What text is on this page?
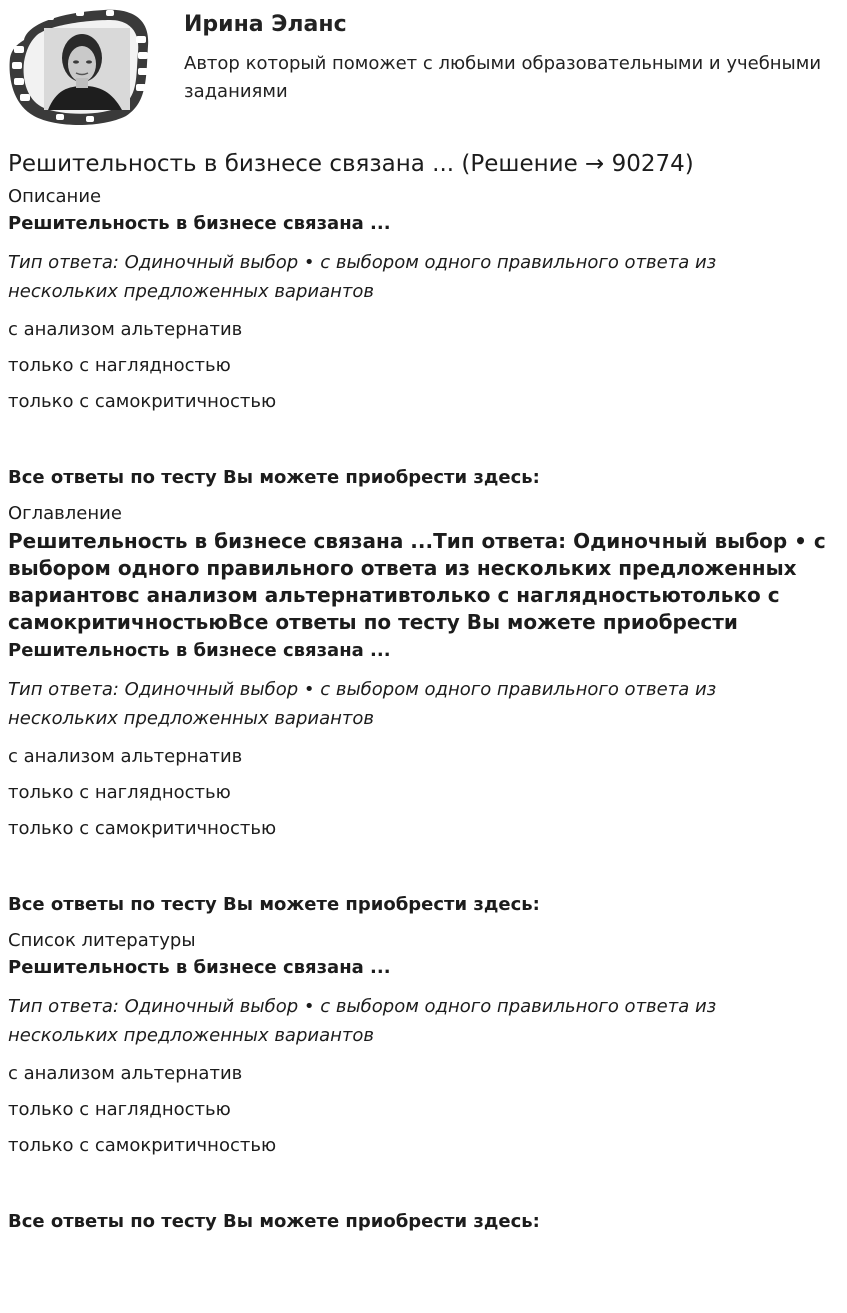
Ирина Эланс

Автор который поможет с любыми образовательными и учебными заданиями

Решительность в бизнесе связана ... (Решение → 90274)

Описание

Решительность в бизнесе связана ...

Тип ответа: Одиночный выбор • с выбором одного правильного ответа из нескольких предложенных вариантов

с анализом альтернатив

только с наглядностью

только с самокритичностью

Все ответы по тесту Вы можете приобрести здесь:

Оглавление

Решительность в бизнесе связана ...Тип ответа: Одиночный выбор • с выбором одного правильного ответа из нескольких предложенных вариантовс анализом альтернативтолько с наглядностьютолько с самокритичностьюВсе ответы по тесту Вы можете приобрести

Решительность в бизнесе связана ...

Тип ответа: Одиночный выбор • с выбором одного правильного ответа из нескольких предложенных вариантов

с анализом альтернатив

только с наглядностью

только с самокритичностью

Все ответы по тесту Вы можете приобрести здесь:

Список литературы

Решительность в бизнесе связана ...

Тип ответа: Одиночный выбор • с выбором одного правильного ответа из нескольких предложенных вариантов

с анализом альтернатив

только с наглядностью

только с самокритичностью

Все ответы по тесту Вы можете приобрести здесь:
